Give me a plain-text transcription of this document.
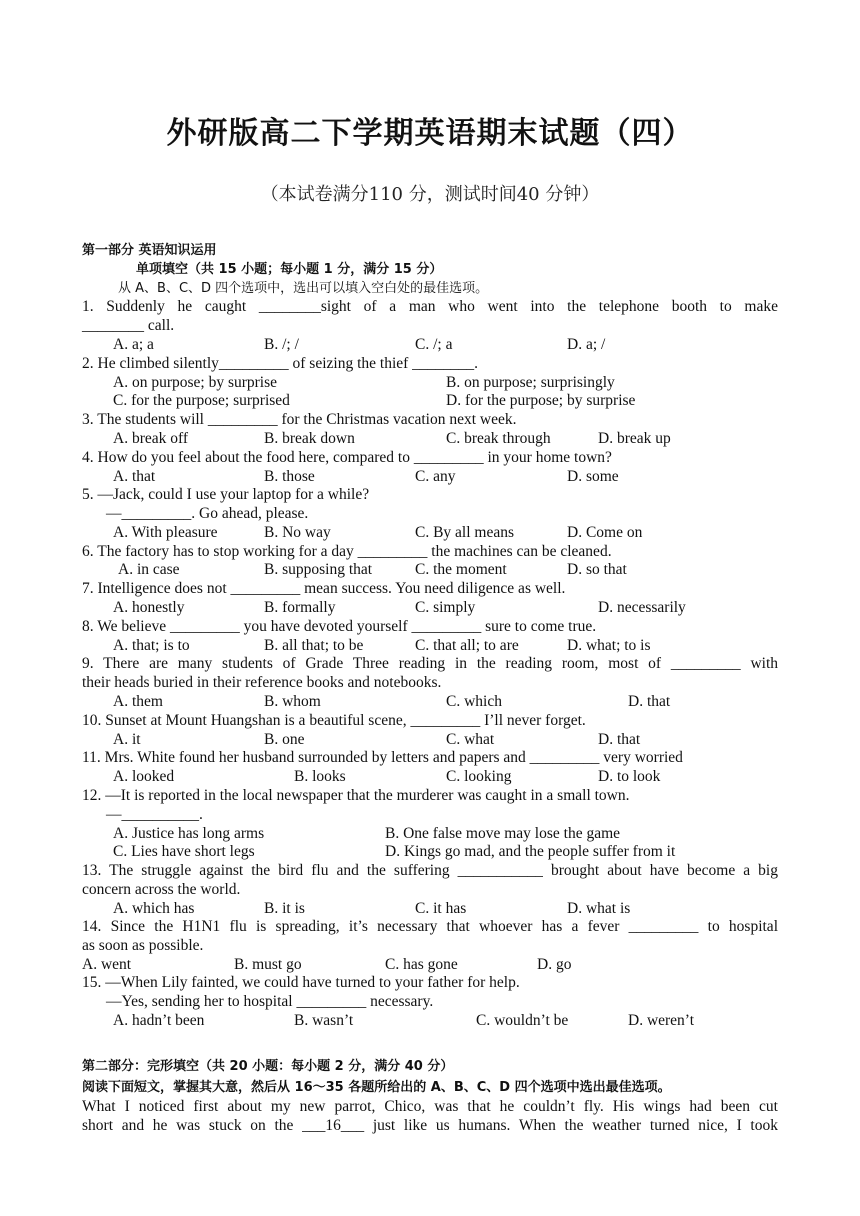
外研版高二下学期英语期末试题（四）
（本试卷满分110 分，测试时间40 分钟）
第一部分 英语知识运用
单项填空（共 15 小题；每小题 1 分，满分 15 分）
从 A、B、C、D 四个选项中，选出可以填入空白处的最佳选项。
1. Suddenly he caught ________sight of a man who went into the telephone booth to make
________ call.
A. a; a	B. /; /	C. /; a	D. a; /
2. He climbed silently_________ of seizing the thief ________.
A. on purpose; by surprise	B. on purpose; surprisingly
C. for the purpose; surprised	D. for the purpose; by surprise
3. The students will _________ for the Christmas vacation next week.
A. break off	B. break down	C. break through	D. break up
4. How do you feel about the food here, compared to _________ in your home town?
A. that	B. those	C. any	D. some
5. —Jack, could I use your laptop for a while?
—_________. Go ahead, please.
A. With pleasure	B. No way	C. By all means	D. Come on
6. The factory has to stop working for a day _________ the machines can be cleaned.
A. in case	B. supposing that	C. the moment	D. so that
7. Intelligence does not _________ mean success. You need diligence as well.
A. honestly	B. formally	C. simply	D. necessarily
8. We believe _________ you have devoted yourself _________ sure to come true.
A. that; is to	B. all that; to be	C. that all; to are	D. what; to is
9. There are many students of Grade Three reading in the reading room, most of _________ with
their heads buried in their reference books and notebooks.
A. them	B. whom	C. which	D. that
10. Sunset at Mount Huangshan is a beautiful scene, _________ I’ll never forget.
A. it	B. one	C. what	D. that
11. Mrs. White found her husband surrounded by letters and papers and _________ very worried
A. looked	B. looks	C. looking	D. to look
12. —It is reported in the local newspaper that the murderer was caught in a small town.
—__________.
A. Justice has long arms	B. One false move may lose the game
C. Lies have short legs	D. Kings go mad, and the people suffer from it
13. The struggle against the bird flu and the suffering ___________ brought about have become a big
concern across the world.
A. which has	B. it is	C. it has	D. what is
14. Since the H1N1 flu is spreading, it’s necessary that whoever has a fever _________ to hospital
as soon as possible.
A. went	B. must go	C. has gone	D. go
15. —When Lily fainted, we could have turned to your father for help.
—Yes, sending her to hospital _________ necessary.
A. hadn’t been	B. wasn’t	C. wouldn’t be	D. weren’t
第二部分：完形填空（共 20 小题：每小题 2 分，满分 40 分）
阅读下面短文，掌握其大意，然后从 16～35 各题所给出的 A、B、C、D 四个选项中选出最佳选项。
What I noticed first about my new parrot, Chico, was that he couldn’t fly. His wings had been cut
short and he was stuck on the ___16___ just like us humans. When the weather turned nice, I took
